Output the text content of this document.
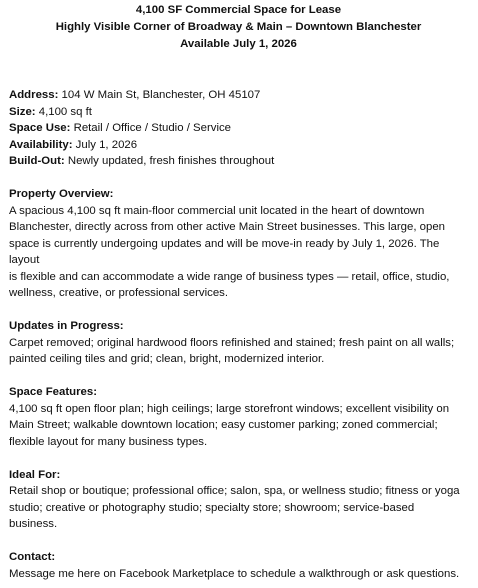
4,100 SF Commercial Space for Lease
Highly Visible Corner of Broadway & Main – Downtown Blanchester
Available July 1, 2026
Address: 104 W Main St, Blanchester, OH 45107
Size: 4,100 sq ft
Space Use: Retail / Office / Studio / Service
Availability: July 1, 2026
Build-Out: Newly updated, fresh finishes throughout
Property Overview:
A spacious 4,100 sq ft main-floor commercial unit located in the heart of downtown
Blanchester, directly across from other active Main Street businesses. This large, open
space is currently undergoing updates and will be move-in ready by July 1, 2026. The layout
is flexible and can accommodate a wide range of business types — retail, office, studio,
wellness, creative, or professional services.
Updates in Progress:
Carpet removed; original hardwood floors refinished and stained; fresh paint on all walls;
painted ceiling tiles and grid; clean, bright, modernized interior.
Space Features:
4,100 sq ft open floor plan; high ceilings; large storefront windows; excellent visibility on
Main Street; walkable downtown location; easy customer parking; zoned commercial;
flexible layout for many business types.
Ideal For:
Retail shop or boutique; professional office; salon, spa, or wellness studio; fitness or yoga
studio; creative or photography studio; specialty store; showroom; service-based
business.
Contact:
Message me here on Facebook Marketplace to schedule a walkthrough or ask questions.
